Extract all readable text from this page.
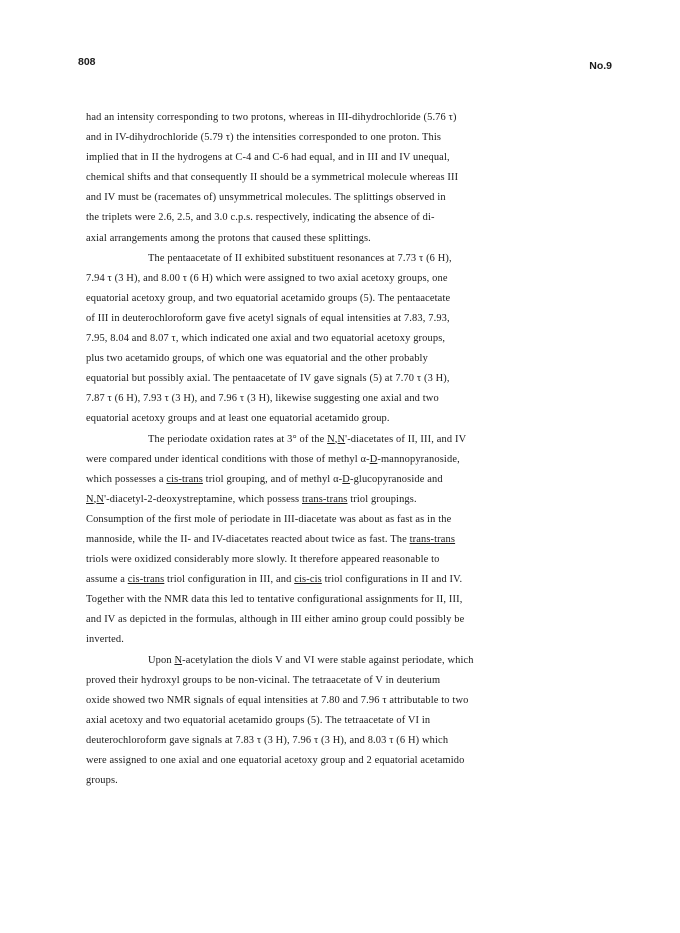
808	No.9
had an intensity corresponding to two protons, whereas in III-dihydrochloride (5.76 τ)
and in IV-dihydrochloride (5.79 τ) the intensities corresponded to one proton. This
implied that in II the hydrogens at C-4 and C-6 had equal, and in III and IV unequal,
chemical shifts and that consequently II should be a symmetrical molecule whereas III
and IV must be (racemates of) unsymmetrical molecules. The splittings observed in
the triplets were 2.6, 2.5, and 3.0 c.p.s. respectively, indicating the absence of di-
axial arrangements among the protons that caused these splittings.
The pentaacetate of II exhibited substituent resonances at 7.73 τ (6 H),
7.94 τ (3 H), and 8.00 τ (6 H) which were assigned to two axial acetoxy groups, one
equatorial acetoxy group, and two equatorial acetamido groups (5). The pentaacetate
of III in deuterochloroform gave five acetyl signals of equal intensities at 7.83, 7.93,
7.95, 8.04 and 8.07 τ, which indicated one axial and two equatorial acetoxy groups,
plus two acetamido groups, of which one was equatorial and the other probably
equatorial but possibly axial. The pentaacetate of IV gave signals (5) at 7.70 τ (3 H),
7.87 τ (6 H), 7.93 τ (3 H), and 7.96 τ (3 H), likewise suggesting one axial and two
equatorial acetoxy groups and at least one equatorial acetamido group.
The periodate oxidation rates at 3° of the N,N'-diacetates of II, III, and IV
were compared under identical conditions with those of methyl α-D-mannopyranoside,
which possesses a cis-trans triol grouping, and of methyl α-D-glucopyranoside and
N,N'-diacetyl-2-deoxystreptamine, which possess trans-trans triol groupings.
Consumption of the first mole of periodate in III-diacetate was about as fast as in the
mannoside, while the II- and IV-diacetates reacted about twice as fast. The trans-trans
triols were oxidized considerably more slowly. It therefore appeared reasonable to
assume a cis-trans triol configuration in III, and cis-cis triol configurations in II and IV.
Together with the NMR data this led to tentative configurational assignments for II, III,
and IV as depicted in the formulas, although in III either amino group could possibly be
inverted.
Upon N-acetylation the diols V and VI were stable against periodate, which
proved their hydroxyl groups to be non-vicinal. The tetraacetate of V in deuterium
oxide showed two NMR signals of equal intensities at 7.80 and 7.96 τ attributable to two
axial acetoxy and two equatorial acetamido groups (5). The tetraacetate of VI in
deuterochloroform gave signals at 7.83 τ (3 H), 7.96 τ (3 H), and 8.03 τ (6 H) which
were assigned to one axial and one equatorial acetoxy group and 2 equatorial acetamido
groups.
